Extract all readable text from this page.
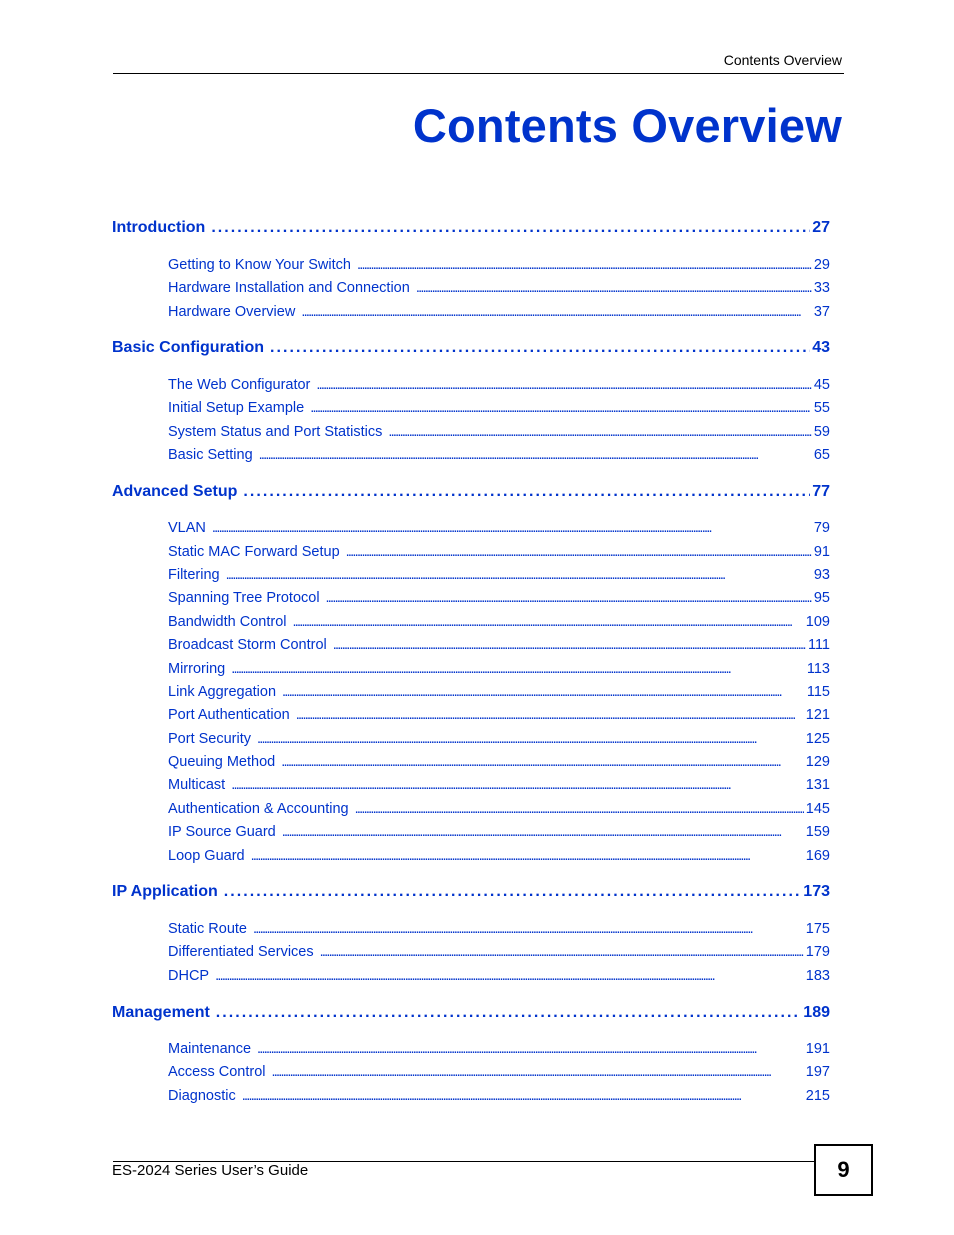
Contents Overview
Contents Overview
Introduction . . .	27
Getting to Know Your Switch . . .	29
Hardware Installation and Connection . . .	33
Hardware Overview . . .	37
Basic Configuration . . .	43
The Web Configurator . . .	45
Initial Setup Example . . .	55
System Status and Port Statistics . . .	59
Basic Setting . . .	65
Advanced Setup . . .	77
VLAN . . .	79
Static MAC Forward Setup . . .	91
Filtering . . .	93
Spanning Tree Protocol . . .	95
Bandwidth Control . . .	109
Broadcast Storm Control . . .	111
Mirroring . . .	113
Link Aggregation . . .	115
Port Authentication . . .	121
Port Security . . .	125
Queuing Method . . .	129
Multicast . . .	131
Authentication & Accounting . . .	145
IP Source Guard . . .	159
Loop Guard . . .	169
IP Application . . .	173
Static Route . . .	175
Differentiated Services . . .	179
DHCP . . .	183
Management . . .	189
Maintenance . . .	191
Access Control . . .	197
Diagnostic . . .	215
ES-2024 Series User’s Guide	9
